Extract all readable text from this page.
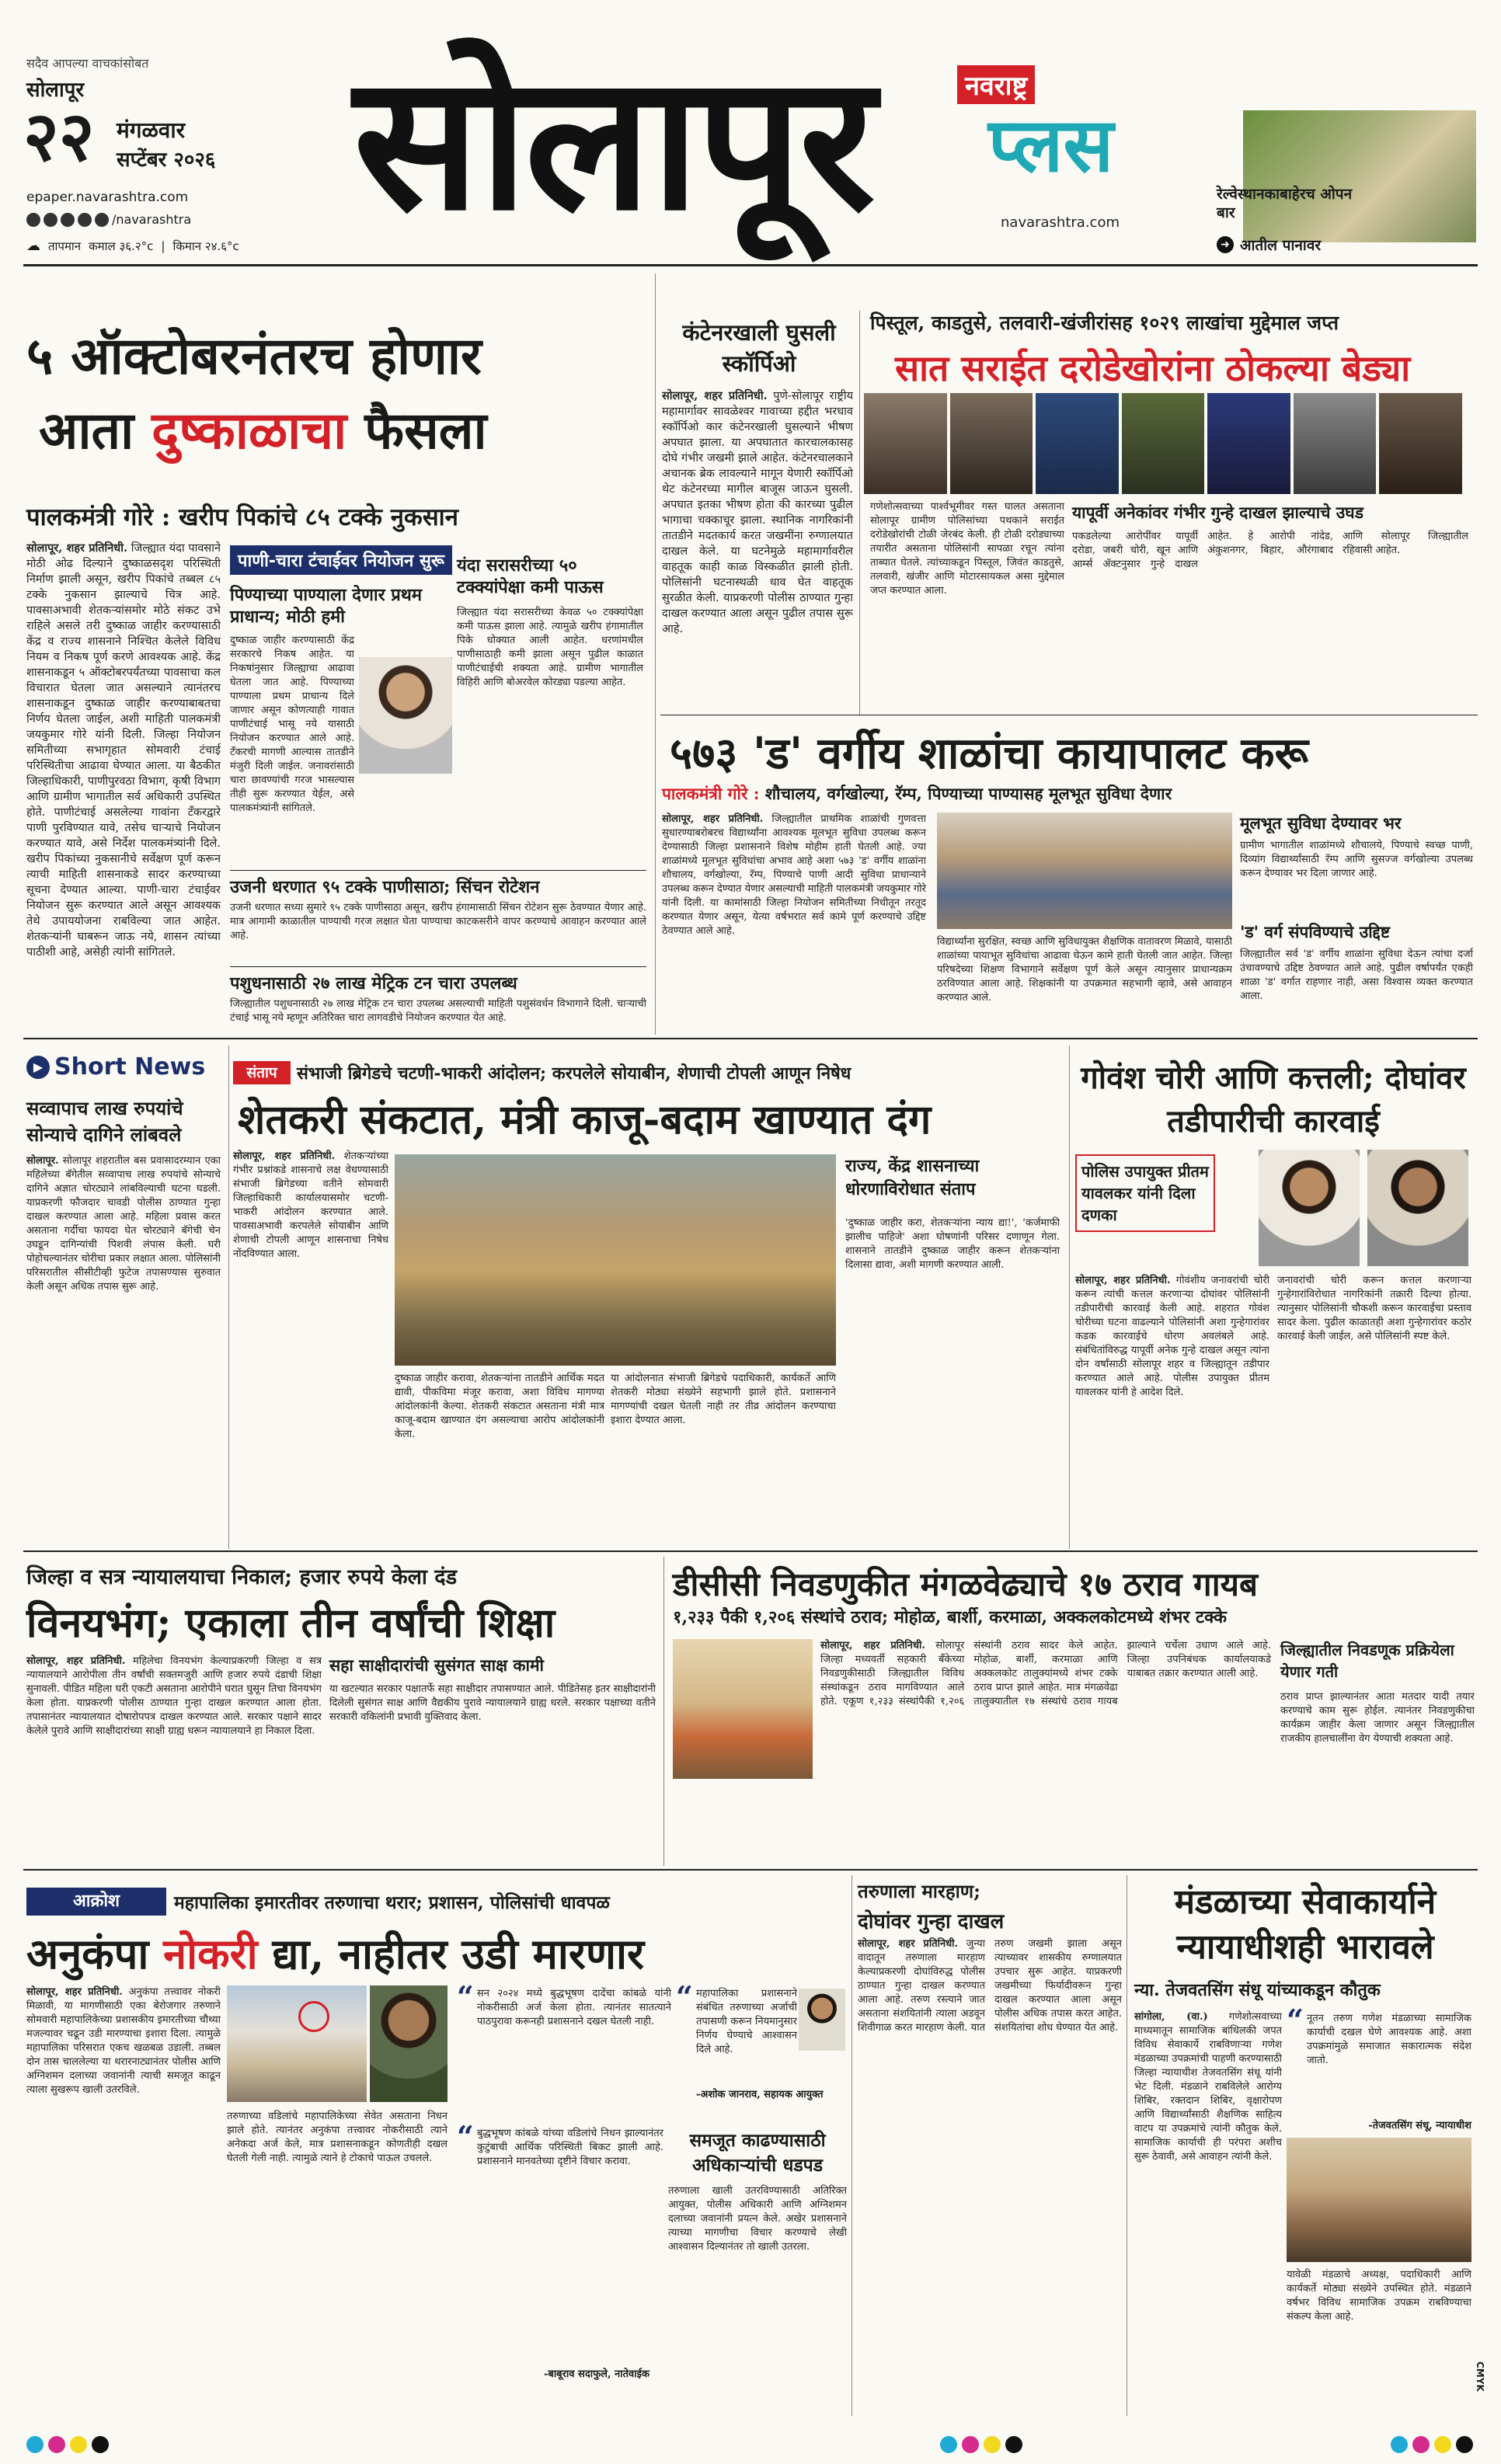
सदैव आपल्या वाचकांसोबत
सोलापूर
२२ मंगळवार
सप्टेंबर २०२६
epaper.navarashtra.com
/navarashtra
☁ तापमान कमाल ३६.२°c | किमान २४.६°c सोलापूर	नवराष्ट्र
प्लस
navarashtra.com
रेल्वेस्थानकाबाहेरच ओपन बार
➜ आतील पानावर
५ ऑक्टोबरनंतरच होणार
आता दुष्काळाचा फैसला
पालकमंत्री गोरे : खरीप पिकांचे ८५ टक्के नुकसान
सोलापूर, शहर प्रतिनिधी. जिल्ह्यात यंदा पावसाने मोठी ओढ दिल्याने दुष्काळसदृश परिस्थिती निर्माण झाली असून, खरीप पिकांचे तब्बल ८५ टक्के नुकसान झाल्याचे चित्र आहे. पावसाअभावी शेतकऱ्यांसमोर मोठे संकट उभे राहिले असले तरी दुष्काळ जाहीर करण्यासाठी केंद्र व राज्य शासनाने निश्चित केलेले विविध नियम व निकष पूर्ण करणे आवश्यक आहे. केंद्र शासनाकडून ५ ऑक्टोबरपर्यंतच्या पावसाचा कल विचारात घेतला जात असल्याने त्यानंतरच शासनाकडून दुष्काळ जाहीर करण्याबाबतचा निर्णय घेतला जाईल, अशी माहिती पालकमंत्री जयकुमार गोरे यांनी दिली. जिल्हा नियोजन समितीच्या सभागृहात सोमवारी टंचाई परिस्थितीचा आढावा घेण्यात आला. या बैठकीत जिल्हाधिकारी, पाणीपुरवठा विभाग, कृषी विभाग आणि ग्रामीण भागातील सर्व अधिकारी उपस्थित होते. पाणीटंचाई असलेल्या गावांना टँकरद्वारे पाणी पुरविण्यात यावे, तसेच चाऱ्याचे नियोजन करण्यात यावे, असे निर्देश पालकमंत्र्यांनी दिले. खरीप पिकांच्या नुकसानीचे सर्वेक्षण पूर्ण करून त्याची माहिती शासनाकडे सादर करण्याच्या सूचना देण्यात आल्या. पाणी-चारा टंचाईवर नियोजन सुरू करण्यात आले असून आवश्यक तेथे उपाययोजना राबविल्या जात आहेत. शेतकऱ्यांनी घाबरून जाऊ नये, शासन त्यांच्या पाठीशी आहे, असेही त्यांनी सांगितले.
पाणी-चारा टंचाईवर नियोजन सुरू
पिण्याच्या पाण्याला देणार प्रथम प्राधान्य; मोठी हमी
दुष्काळ जाहीर करण्यासाठी केंद्र सरकारचे निकष आहेत. या निकषांनुसार जिल्ह्याचा आढावा घेतला जात आहे. पिण्याच्या पाण्याला प्रथम प्राधान्य दिले जाणार असून कोणत्याही गावात पाणीटंचाई भासू नये यासाठी नियोजन करण्यात आले आहे. टँकरची मागणी आल्यास तातडीने मंजुरी दिली जाईल. जनावरांसाठी चारा छावण्यांची गरज भासल्यास तीही सुरू करण्यात येईल, असे पालकमंत्र्यांनी सांगितले.
यंदा सरासरीच्या ५० टक्क्यांपेक्षा कमी पाऊस
जिल्ह्यात यंदा सरासरीच्या केवळ ५० टक्क्यांपेक्षा कमी पाऊस झाला आहे. त्यामुळे खरीप हंगामातील पिके धोक्यात आली आहेत. धरणांमधील पाणीसाठाही कमी झाला असून पुढील काळात पाणीटंचाईची शक्यता आहे. ग्रामीण भागातील विहिरी आणि बोअरवेल कोरड्या पडल्या आहेत.
उजनी धरणात ९५ टक्के पाणीसाठा; सिंचन रोटेशन
उजनी धरणात सध्या सुमारे ९५ टक्के पाणीसाठा असून, खरीप हंगामासाठी सिंचन रोटेशन सुरू ठेवण्यात येणार आहे. मात्र आगामी काळातील पाण्याची गरज लक्षात घेता पाण्याचा काटकसरीने वापर करण्याचे आवाहन करण्यात आले आहे.
पशुधनासाठी २७ लाख मेट्रिक टन चारा उपलब्ध
जिल्ह्यातील पशुधनासाठी २७ लाख मेट्रिक टन चारा उपलब्ध असल्याची माहिती पशुसंवर्धन विभागाने दिली. चाऱ्याची टंचाई भासू नये म्हणून अतिरिक्त चारा लागवडीचे नियोजन करण्यात येत आहे.
कंटेनरखाली घुसली स्कॉर्पिओ
सोलापूर, शहर प्रतिनिधी. पुणे-सोलापूर राष्ट्रीय महामार्गावर सावळेश्वर गावाच्या हद्दीत भरधाव स्कॉर्पिओ कार कंटेनरखाली घुसल्याने भीषण अपघात झाला. या अपघातात कारचालकासह दोघे गंभीर जखमी झाले आहेत. कंटेनरचालकाने अचानक ब्रेक लावल्याने मागून येणारी स्कॉर्पिओ थेट कंटेनरच्या मागील बाजूस जाऊन घुसली. अपघात इतका भीषण होता की कारच्या पुढील भागाचा चक्काचूर झाला. स्थानिक नागरिकांनी तातडीने मदतकार्य करत जखमींना रुग्णालयात दाखल केले. या घटनेमुळे महामार्गावरील वाहतूक काही काळ विस्कळीत झाली होती. पोलिसांनी घटनास्थळी धाव घेत वाहतूक सुरळीत केली. याप्रकरणी पोलीस ठाण्यात गुन्हा दाखल करण्यात आला असून पुढील तपास सुरू आहे.
पिस्तूल, काडतुसे, तलवारी-खंजीरांसह १०२९ लाखांचा मुद्देमाल जप्त
सात सराईत दरोडेखोरांना ठोकल्या बेड्या
गणेशोत्सवाच्या पार्श्वभूमीवर गस्त घालत असताना सोलापूर ग्रामीण पोलिसांच्या पथकाने सराईत दरोडेखोरांची टोळी जेरबंद केली. ही टोळी दरोड्याच्या तयारीत असताना पोलिसांनी सापळा रचून त्यांना ताब्यात घेतले. त्यांच्याकडून पिस्तूल, जिवंत काडतुसे, तलवारी, खंजीर आणि मोटारसायकल असा मुद्देमाल जप्त करण्यात आला.
यापूर्वी अनेकांवर गंभीर गुन्हे दाखल झाल्याचे उघड
पकडलेल्या आरोपींवर यापूर्वी दरोडा, जबरी चोरी, खून आणि आर्म्स ॲक्टनुसार गुन्हे दाखल आहेत. हे आरोपी नांदेड, अंकुशनगर, बिहार, औरंगाबाद आणि सोलापूर जिल्ह्यातील रहिवासी आहेत.
५७३ 'ड' वर्गीय शाळांचा कायापालट करू
पालकमंत्री गोरे : शौचालय, वर्गखोल्या, रॅम्प, पिण्याच्या पाण्यासह मूलभूत सुविधा देणार
सोलापूर, शहर प्रतिनिधी. जिल्ह्यातील प्राथमिक शाळांची गुणवत्ता सुधारण्याबरोबरच विद्यार्थ्यांना आवश्यक मूलभूत सुविधा उपलब्ध करून देण्यासाठी जिल्हा प्रशासनाने विशेष मोहीम हाती घेतली आहे. ज्या शाळांमध्ये मूलभूत सुविधांचा अभाव आहे अशा ५७३ 'ड' वर्गीय शाळांना शौचालय, वर्गखोल्या, रॅम्प, पिण्याचे पाणी आदी सुविधा प्राधान्याने उपलब्ध करून देण्यात येणार असल्याची माहिती पालकमंत्री जयकुमार गोरे यांनी दिली. या कामांसाठी जिल्हा नियोजन समितीच्या निधीतून तरतूद करण्यात येणार असून, येत्या वर्षभरात सर्व कामे पूर्ण करण्याचे उद्दिष्ट ठेवण्यात आले आहे.
विद्यार्थ्यांना सुरक्षित, स्वच्छ आणि सुविधायुक्त शैक्षणिक वातावरण मिळावे, यासाठी शाळांच्या पायाभूत सुविधांचा आढावा घेऊन कामे हाती घेतली जात आहेत. जिल्हा परिषदेच्या शिक्षण विभागाने सर्वेक्षण पूर्ण केले असून त्यानुसार प्राधान्यक्रम ठरविण्यात आला आहे. शिक्षकांनी या उपक्रमात सहभागी व्हावे, असे आवाहन करण्यात आले.
मूलभूत सुविधा देण्यावर भर
ग्रामीण भागातील शाळांमध्ये शौचालये, पिण्याचे स्वच्छ पाणी, दिव्यांग विद्यार्थ्यांसाठी रॅम्प आणि सुसज्ज वर्गखोल्या उपलब्ध करून देण्यावर भर दिला जाणार आहे.
'ड' वर्ग संपविण्याचे उद्दिष्ट
जिल्ह्यातील सर्व 'ड' वर्गीय शाळांना सुविधा देऊन त्यांचा दर्जा उंचावण्याचे उद्दिष्ट ठेवण्यात आले आहे. पुढील वर्षापर्यंत एकही शाळा 'ड' वर्गात राहणार नाही, असा विश्वास व्यक्त करण्यात आला.
▶ Short News
सव्वापाच लाख रुपयांचे सोन्याचे दागिने लांबवले
सोलापूर. सोलापूर शहरातील बस प्रवासादरम्यान एका महिलेच्या बॅगेतील सव्वापाच लाख रुपयांचे सोन्याचे दागिने अज्ञात चोरट्याने लांबविल्याची घटना घडली. याप्रकरणी फौजदार चावडी पोलीस ठाण्यात गुन्हा दाखल करण्यात आला आहे. महिला प्रवास करत असताना गर्दीचा फायदा घेत चोरट्याने बॅगेची चेन उघडून दागिन्यांची पिशवी लंपास केली. घरी पोहोचल्यानंतर चोरीचा प्रकार लक्षात आला. पोलिसांनी परिसरातील सीसीटीव्ही फुटेज तपासण्यास सुरुवात केली असून अधिक तपास सुरू आहे.
संताप	संभाजी ब्रिगेडचे चटणी-भाकरी आंदोलन; करपलेले सोयाबीन, शेणाची टोपली आणून निषेध
शेतकरी संकटात, मंत्री काजू-बदाम खाण्यात दंग
सोलापूर, शहर प्रतिनिधी. शेतकऱ्यांच्या गंभीर प्रश्नांकडे शासनाचे लक्ष वेधण्यासाठी संभाजी ब्रिगेडच्या वतीने सोमवारी जिल्हाधिकारी कार्यालयासमोर चटणी-भाकरी आंदोलन करण्यात आले. पावसाअभावी करपलेले सोयाबीन आणि शेणाची टोपली आणून शासनाचा निषेध नोंदविण्यात आला.
दुष्काळ जाहीर करावा, शेतकऱ्यांना तातडीने आर्थिक मदत द्यावी, पीकविमा मंजूर करावा, अशा विविध मागण्या आंदोलकांनी केल्या. शेतकरी संकटात असताना मंत्री मात्र काजू-बदाम खाण्यात दंग असल्याचा आरोप आंदोलकांनी केला.
या आंदोलनात संभाजी ब्रिगेडचे पदाधिकारी, कार्यकर्ते आणि शेतकरी मोठ्या संख्येने सहभागी झाले होते. प्रशासनाने मागण्यांची दखल घेतली नाही तर तीव्र आंदोलन करण्याचा इशारा देण्यात आला.
राज्य, केंद्र शासनाच्या धोरणाविरोधात संताप
'दुष्काळ जाहीर करा, शेतकऱ्यांना न्याय द्या!', 'कर्जमाफी झालीच पाहिजे' अशा घोषणांनी परिसर दणाणून गेला. शासनाने तातडीने दुष्काळ जाहीर करून शेतकऱ्यांना दिलासा द्यावा, अशी मागणी करण्यात आली.
गोवंश चोरी आणि कत्तली; दोघांवर तडीपारीची कारवाई
पोलिस उपायुक्त प्रीतम यावलकर यांनी दिला दणका
सोलापूर, शहर प्रतिनिधी. गोवंशीय जनावरांची चोरी करून त्यांची कत्तल करणाऱ्या दोघांवर पोलिसांनी तडीपारीची कारवाई केली आहे. शहरात गोवंश चोरीच्या घटना वाढल्याने पोलिसांनी अशा गुन्हेगारांवर कडक कारवाईचे धोरण अवलंबले आहे. संबंधितांविरुद्ध यापूर्वी अनेक गुन्हे दाखल असून त्यांना दोन वर्षांसाठी सोलापूर शहर व जिल्ह्यातून तडीपार करण्यात आले आहे. पोलीस उपायुक्त प्रीतम यावलकर यांनी हे आदेश दिले.
जनावरांची चोरी करून कत्तल करणाऱ्या गुन्हेगारांविरोधात नागरिकांनी तक्रारी दिल्या होत्या. त्यानुसार पोलिसांनी चौकशी करून कारवाईचा प्रस्ताव सादर केला. पुढील काळातही अशा गुन्हेगारांवर कठोर कारवाई केली जाईल, असे पोलिसांनी स्पष्ट केले.
जिल्हा व सत्र न्यायालयाचा निकाल; हजार रुपये केला दंड
विनयभंग; एकाला तीन वर्षांची शिक्षा
सोलापूर, शहर प्रतिनिधी. महिलेचा विनयभंग केल्याप्रकरणी जिल्हा व सत्र न्यायालयाने आरोपीला तीन वर्षांची सक्तमजुरी आणि हजार रुपये दंडाची शिक्षा सुनावली. पीडित महिला घरी एकटी असताना आरोपीने घरात घुसून तिचा विनयभंग केला होता. याप्रकरणी पोलीस ठाण्यात गुन्हा दाखल करण्यात आला होता. तपासानंतर न्यायालयात दोषारोपपत्र दाखल करण्यात आले. सरकार पक्षाने सादर केलेले पुरावे आणि साक्षीदारांच्या साक्षी ग्राह्य धरून न्यायालयाने हा निकाल दिला.
सहा साक्षीदारांची सुसंगत साक्ष कामी
या खटल्यात सरकार पक्षातर्फे सहा साक्षीदार तपासण्यात आले. पीडितेसह इतर साक्षीदारांनी दिलेली सुसंगत साक्ष आणि वैद्यकीय पुरावे न्यायालयाने ग्राह्य धरले. सरकार पक्षाच्या वतीने सरकारी वकिलांनी प्रभावी युक्तिवाद केला.
डीसीसी निवडणुकीत मंगळवेढ्याचे १७ ठराव गायब
१,२३३ पैकी १,२०६ संस्थांचे ठराव; मोहोळ, बार्शी, करमाळा, अक्कलकोटमध्ये शंभर टक्के
सोलापूर, शहर प्रतिनिधी. सोलापूर जिल्हा मध्यवर्ती सहकारी बँकेच्या निवडणुकीसाठी जिल्ह्यातील विविध संस्थांकडून ठराव मागविण्यात आले होते. एकूण १,२३३ संस्थांपैकी १,२०६ संस्थांनी ठराव सादर केले आहेत. मोहोळ, बार्शी, करमाळा आणि अक्कलकोट तालुक्यांमध्ये शंभर टक्के ठराव प्राप्त झाले आहेत. मात्र मंगळवेढा तालुक्यातील १७ संस्थांचे ठराव गायब झाल्याने चर्चेला उधाण आले आहे. जिल्हा उपनिबंधक कार्यालयाकडे याबाबत तक्रार करण्यात आली आहे.
जिल्ह्यातील निवडणूक प्रक्रियेला येणार गती
ठराव प्राप्त झाल्यानंतर आता मतदार यादी तयार करण्याचे काम सुरू होईल. त्यानंतर निवडणुकीचा कार्यक्रम जाहीर केला जाणार असून जिल्ह्यातील राजकीय हालचालींना वेग येण्याची शक्यता आहे.
आक्रोश	महापालिका इमारतीवर तरुणाचा थरार; प्रशासन, पोलिसांची धावपळ
अनुकंपा नोकरी द्या, नाहीतर उडी मारणार
सोलापूर, शहर प्रतिनिधी. अनुकंपा तत्त्वावर नोकरी मिळावी, या मागणीसाठी एका बेरोजगार तरुणाने सोमवारी महापालिकेच्या प्रशासकीय इमारतीच्या चौथ्या मजल्यावर चढून उडी मारण्याचा इशारा दिला. त्यामुळे महापालिका परिसरात एकच खळबळ उडाली. तब्बल दोन तास चाललेल्या या थरारनाट्यानंतर पोलीस आणि अग्निशमन दलाच्या जवानांनी त्याची समजूत काढून त्याला सुखरूप खाली उतरविले.
तरुणाच्या वडिलांचे महापालिकेच्या सेवेत असताना निधन झाले होते. त्यानंतर अनुकंपा तत्त्वावर नोकरीसाठी त्याने अनेकदा अर्ज केले, मात्र प्रशासनाकडून कोणतीही दखल घेतली गेली नाही. त्यामुळे त्याने हे टोकाचे पाऊल उचलले.
“ सन २०२४ मध्ये बुद्धभूषण दादेंचा कांबळे यांनी नोकरीसाठी अर्ज केला होता. त्यानंतर सातत्याने पाठपुरावा करूनही प्रशासनाने दखल घेतली नाही.
“ महापालिका प्रशासनाने संबंधित तरुणाच्या अर्जाची तपासणी करून नियमानुसार निर्णय घेण्याचे आश्वासन दिले आहे.
-अशोक जानराव, सहायक आयुक्त
समजूत काढण्यासाठी अधिकाऱ्यांची धडपड
तरुणाला खाली उतरविण्यासाठी अतिरिक्त आयुक्त, पोलीस अधिकारी आणि अग्निशमन दलाच्या जवानांनी प्रयत्न केले. अखेर प्रशासनाने त्याच्या मागणीचा विचार करण्याचे लेखी आश्वासन दिल्यानंतर तो खाली उतरला.
“ बुद्धभूषण कांबळे यांच्या वडिलांचे निधन झाल्यानंतर कुटुंबाची आर्थिक परिस्थिती बिकट झाली आहे. प्रशासनाने मानवतेच्या दृष्टीने विचार करावा.
-बाबूराव सदाफुले, नातेवाईक
तरुणाला मारहाण;
दोघांवर गुन्हा दाखल
सोलापूर, शहर प्रतिनिधी. जुन्या वादातून तरुणाला मारहाण केल्याप्रकरणी दोघांविरुद्ध पोलीस ठाण्यात गुन्हा दाखल करण्यात आला आहे. तरुण रस्त्याने जात असताना संशयितांनी त्याला अडवून शिवीगाळ करत मारहाण केली. यात तरुण जखमी झाला असून त्याच्यावर शासकीय रुग्णालयात उपचार सुरू आहेत. याप्रकरणी जखमीच्या फिर्यादीवरून गुन्हा दाखल करण्यात आला असून पोलीस अधिक तपास करत आहेत. संशयितांचा शोध घेण्यात येत आहे.
मंडळाच्या सेवाकार्याने न्यायाधीशही भारावले
न्या. तेजवतसिंग संधू यांच्याकडून कौतुक
सांगोला, (वा.) गणेशोत्सवाच्या माध्यमातून सामाजिक बांधिलकी जपत विविध सेवाकार्ये राबविणाऱ्या गणेश मंडळाच्या उपक्रमांची पाहणी करण्यासाठी जिल्हा न्यायाधीश तेजवतसिंग संधू यांनी भेट दिली. मंडळाने राबविलेले आरोग्य शिबिर, रक्तदान शिबिर, वृक्षारोपण आणि विद्यार्थ्यांसाठी शैक्षणिक साहित्य वाटप या उपक्रमांचे त्यांनी कौतुक केले. सामाजिक कार्याची ही परंपरा अशीच सुरू ठेवावी, असे आवाहन त्यांनी केले.
“ नूतन तरुण गणेश मंडळाच्या सामाजिक कार्याची दखल घेणे आवश्यक आहे. अशा उपक्रमांमुळे समाजात सकारात्मक संदेश जातो.
-तेजवतसिंग संधू, न्यायाधीश
यावेळी मंडळाचे अध्यक्ष, पदाधिकारी आणि कार्यकर्ते मोठ्या संख्येने उपस्थित होते. मंडळाने वर्षभर विविध सामाजिक उपक्रम राबविण्याचा संकल्प केला आहे.
CMYK
